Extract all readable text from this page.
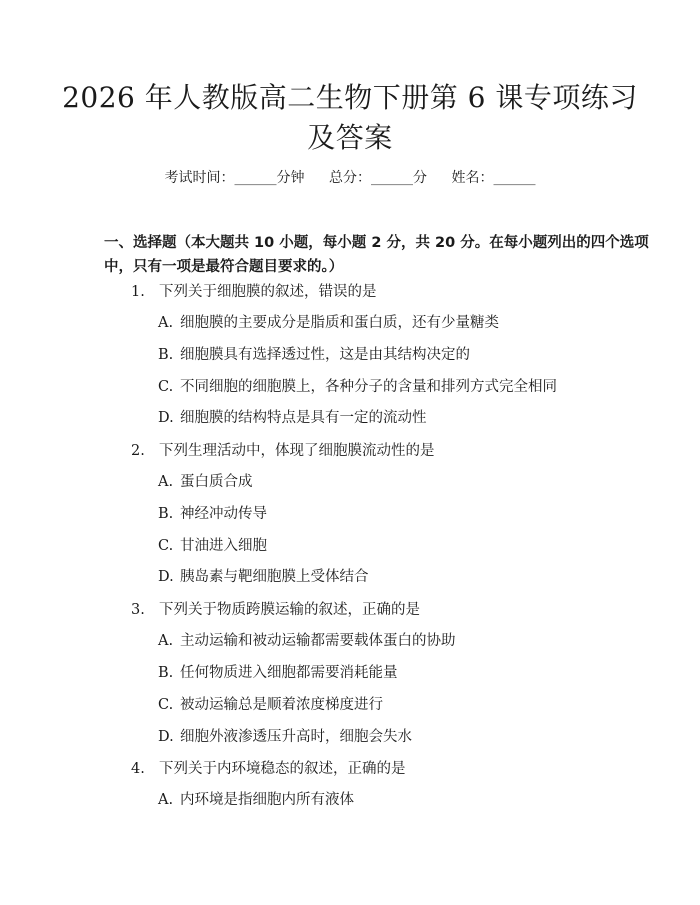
2026 年人教版高二生物下册第 6 课专项练习及答案
考试时间：______分钟 总分：______分 姓名：______
一、选择题（本大题共 10 小题，每小题 2 分，共 20 分。在每小题列出的四个选项中，只有一项是最符合题目要求的。）
1. 下列关于细胞膜的叙述，错误的是
A. 细胞膜的主要成分是脂质和蛋白质，还有少量糖类
B. 细胞膜具有选择透过性，这是由其结构决定的
C. 不同细胞的细胞膜上，各种分子的含量和排列方式完全相同
D. 细胞膜的结构特点是具有一定的流动性
2. 下列生理活动中，体现了细胞膜流动性的是
A. 蛋白质合成
B. 神经冲动传导
C. 甘油进入细胞
D. 胰岛素与靶细胞膜上受体结合
3. 下列关于物质跨膜运输的叙述，正确的是
A. 主动运输和被动运输都需要载体蛋白的协助
B. 任何物质进入细胞都需要消耗能量
C. 被动运输总是顺着浓度梯度进行
D. 细胞外液渗透压升高时，细胞会失水
4. 下列关于内环境稳态的叙述，正确的是
A. 内环境是指细胞内所有液体
